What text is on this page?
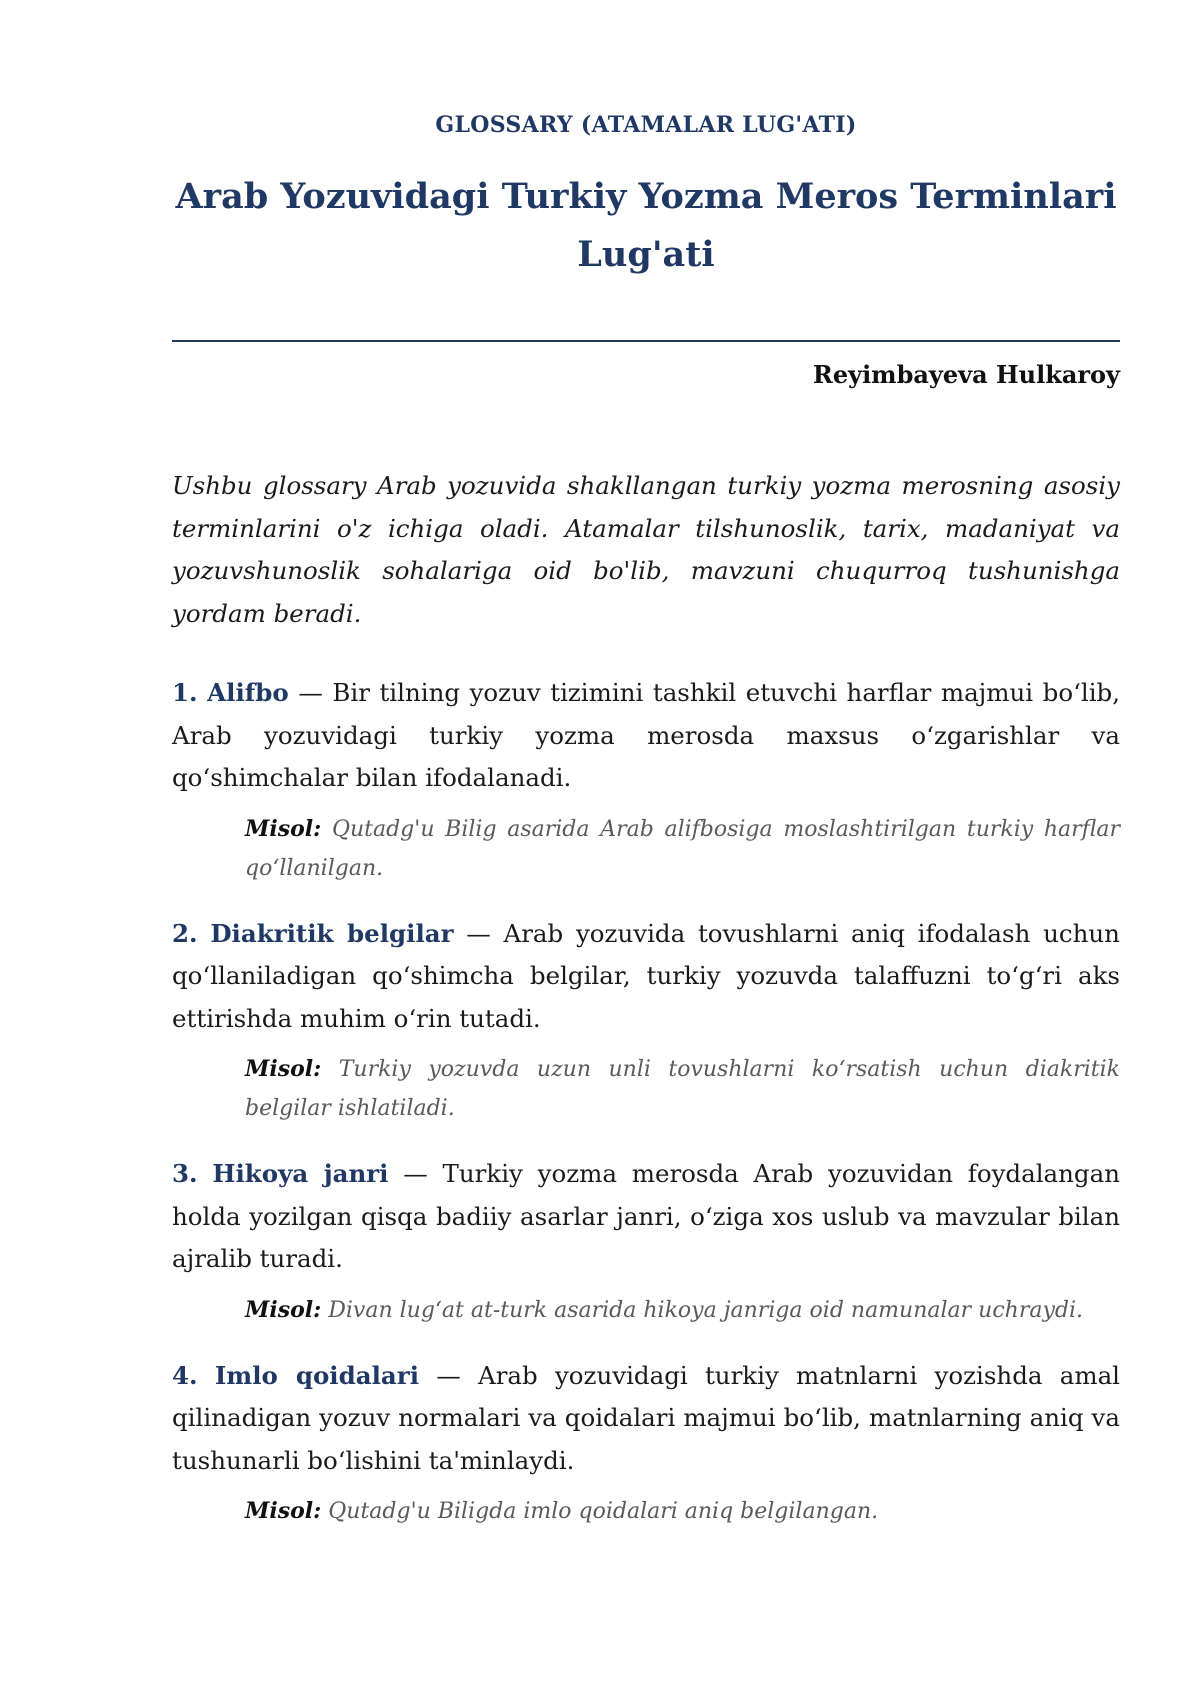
GLOSSARY (ATAMALAR LUG'ATI)
Arab Yozuvidagi Turkiy Yozma Meros Terminlari Lug'ati
Reyimbayeva Hulkaroy

Ushbu glossary Arab yozuvida shakllangan turkiy yozma merosning asosiy terminlarini o'z ichiga oladi. Atamalar tilshunoslik, tarix, madaniyat va yozuvshunoslik sohalariga oid bo'lib, mavzuni chuqurroq tushunishga yordam beradi.

1. Alifbo — Bir tilning yozuv tizimini tashkil etuvchi harflar majmui bo‘lib, Arab yozuvidagi turkiy yozma merosda maxsus o‘zgarishlar va qo‘shimchalar bilan ifodalanadi.

Misol: Qutadg'u Bilig asarida Arab alifbosiga moslashtirilgan turkiy harflar qo‘llanilgan.

2. Diakritik belgilar — Arab yozuvida tovushlarni aniq ifodalash uchun qo‘llaniladigan qo‘shimcha belgilar, turkiy yozuvda talaffuzni to‘g‘ri aks ettirishda muhim o‘rin tutadi.

Misol: Turkiy yozuvda uzun unli tovushlarni ko‘rsatish uchun diakritik belgilar ishlatiladi.

3. Hikoya janri — Turkiy yozma merosda Arab yozuvidan foydalangan holda yozilgan qisqa badiiy asarlar janri, o‘ziga xos uslub va mavzular bilan ajralib turadi.

Misol: Divan lug‘at at-turk asarida hikoya janriga oid namunalar uchraydi.

4. Imlo qoidalari — Arab yozuvidagi turkiy matnlarni yozishda amal qilinadigan yozuv normalari va qoidalari majmui bo‘lib, matnlarning aniq va tushunarli bo‘lishini ta'minlaydi.

Misol: Qutadg'u Biligda imlo qoidalari aniq belgilangan.
